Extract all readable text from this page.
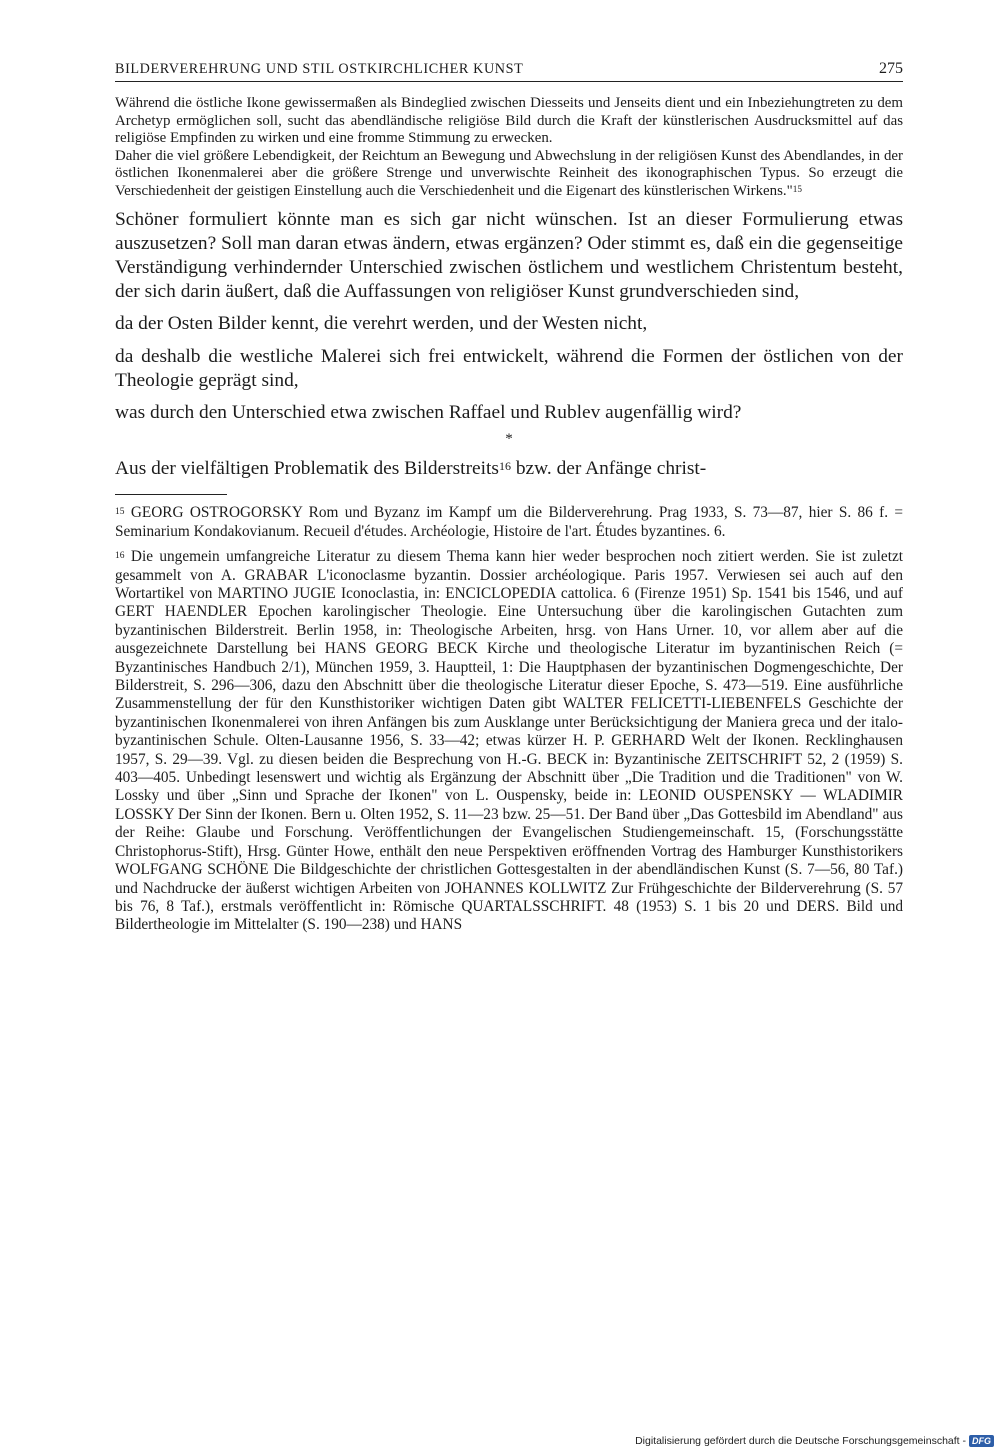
BILDERVEREHRUNG UND STIL OSTKIRCHLICHER KUNST	275

Während die östliche Ikone gewissermaßen als Bindeglied zwischen Diesseits und Jenseits dient und ein Inbeziehungtreten zu dem Archetyp ermöglichen soll, sucht das abendländische religiöse Bild durch die Kraft der künstlerischen Ausdrucksmittel auf das religiöse Empfinden zu wirken und eine fromme Stimmung zu erwecken.

Daher die viel größere Lebendigkeit, der Reichtum an Bewegung und Abwechslung in der religiösen Kunst des Abendlandes, in der östlichen Ikonenmalerei aber die größere Strenge und unverwischte Reinheit des ikonographischen Typus. So erzeugt die Verschiedenheit der geistigen Einstellung auch die Verschiedenheit und die Eigenart des künstlerischen Wirkens."$^{15}$

Schöner formuliert könnte man es sich gar nicht wünschen. Ist an dieser Formulierung etwas auszusetzen? Soll man daran etwas ändern, etwas ergänzen? Oder stimmt es, daß ein die gegenseitige Verständigung verhindernder Unterschied zwischen östlichem und westlichem Christentum besteht, der sich darin äußert, daß die Auffassungen von religiöser Kunst grundverschieden sind,

da der Osten Bilder kennt, die verehrt werden, und der Westen nicht,

da deshalb die westliche Malerei sich frei entwickelt, während die Formen der östlichen von der Theologie geprägt sind,

was durch den Unterschied etwa zwischen Raffael und Rublev augenfällig wird?

*

Aus der vielfältigen Problematik des Bilderstreits$^{16}$ bzw. der Anfänge christ-

$^{15}$ GEORG OSTROGORSKY Rom und Byzanz im Kampf um die Bilderverehrung. Prag 1933, S. 73—87, hier S. 86 f. = Seminarium Kondakovianum. Recueil d'études. Archéologie, Histoire de l'art. Études byzantines. 6.

$^{16}$ Die ungemein umfangreiche Literatur zu diesem Thema kann hier weder besprochen noch zitiert werden. Sie ist zuletzt gesammelt von A. GRABAR L'iconoclasme byzantin. Dossier archéologique. Paris 1957. Verwiesen sei auch auf den Wortartikel von MARTINO JUGIE Iconoclastia, in: ENCICLOPEDIA cattolica. 6 (Firenze 1951) Sp. 1541 bis 1546, und auf GERT HAENDLER Epochen karolingischer Theologie. Eine Untersuchung über die karolingischen Gutachten zum byzantinischen Bilderstreit. Berlin 1958, in: Theologische Arbeiten, hrsg. von Hans Urner. 10, vor allem aber auf die ausgezeichnete Darstellung bei HANS GEORG BECK Kirche und theologische Literatur im byzantinischen Reich (= Byzantinisches Handbuch 2/1), München 1959, 3. Hauptteil, 1: Die Hauptphasen der byzantinischen Dogmengeschichte, Der Bilderstreit, S. 296—306, dazu den Abschnitt über die theologische Literatur dieser Epoche, S. 473—519. Eine ausführliche Zusammenstellung der für den Kunsthistoriker wichtigen Daten gibt WALTER FELICETTI-LIEBENFELS Geschichte der byzantinischen Ikonenmalerei von ihren Anfängen bis zum Ausklange unter Berücksichtigung der Maniera greca und der italo-byzantinischen Schule. Olten-Lausanne 1956, S. 33—42; etwas kürzer H. P. GERHARD Welt der Ikonen. Recklinghausen 1957, S. 29—39. Vgl. zu diesen beiden die Besprechung von H.-G. BECK in: Byzantinische ZEITSCHRIFT 52, 2 (1959) S. 403—405. Unbedingt lesenswert und wichtig als Ergänzung der Abschnitt über „Die Tradition und die Traditionen" von W. Lossky und über „Sinn und Sprache der Ikonen" von L. Ouspensky, beide in: LEONID OUSPENSKY — WLADIMIR LOSSKY Der Sinn der Ikonen. Bern u. Olten 1952, S. 11—23 bzw. 25—51. Der Band über „Das Gottesbild im Abendland" aus der Reihe: Glaube und Forschung. Veröffentlichungen der Evangelischen Studiengemeinschaft. 15, (Forschungsstätte Christophorus-Stift), Hrsg. Günter Howe, enthält den neue Perspektiven eröffnenden Vortrag des Hamburger Kunsthistorikers WOLFGANG SCHÖNE Die Bildgeschichte der christlichen Gottesgestalten in der abendländischen Kunst (S. 7—56, 80 Taf.) und Nachdrucke der äußerst wichtigen Arbeiten von JOHANNES KOLLWITZ Zur Frühgeschichte der Bilderverehrung (S. 57 bis 76, 8 Taf.), erstmals veröffentlicht in: Römische QUARTALSSCHRIFT. 48 (1953) S. 1 bis 20 und DERS. Bild und Bildertheologie im Mittelalter (S. 190—238) und HANS

Digitalisierung gefördert durch die Deutsche Forschungsgemeinschaft - DFG
